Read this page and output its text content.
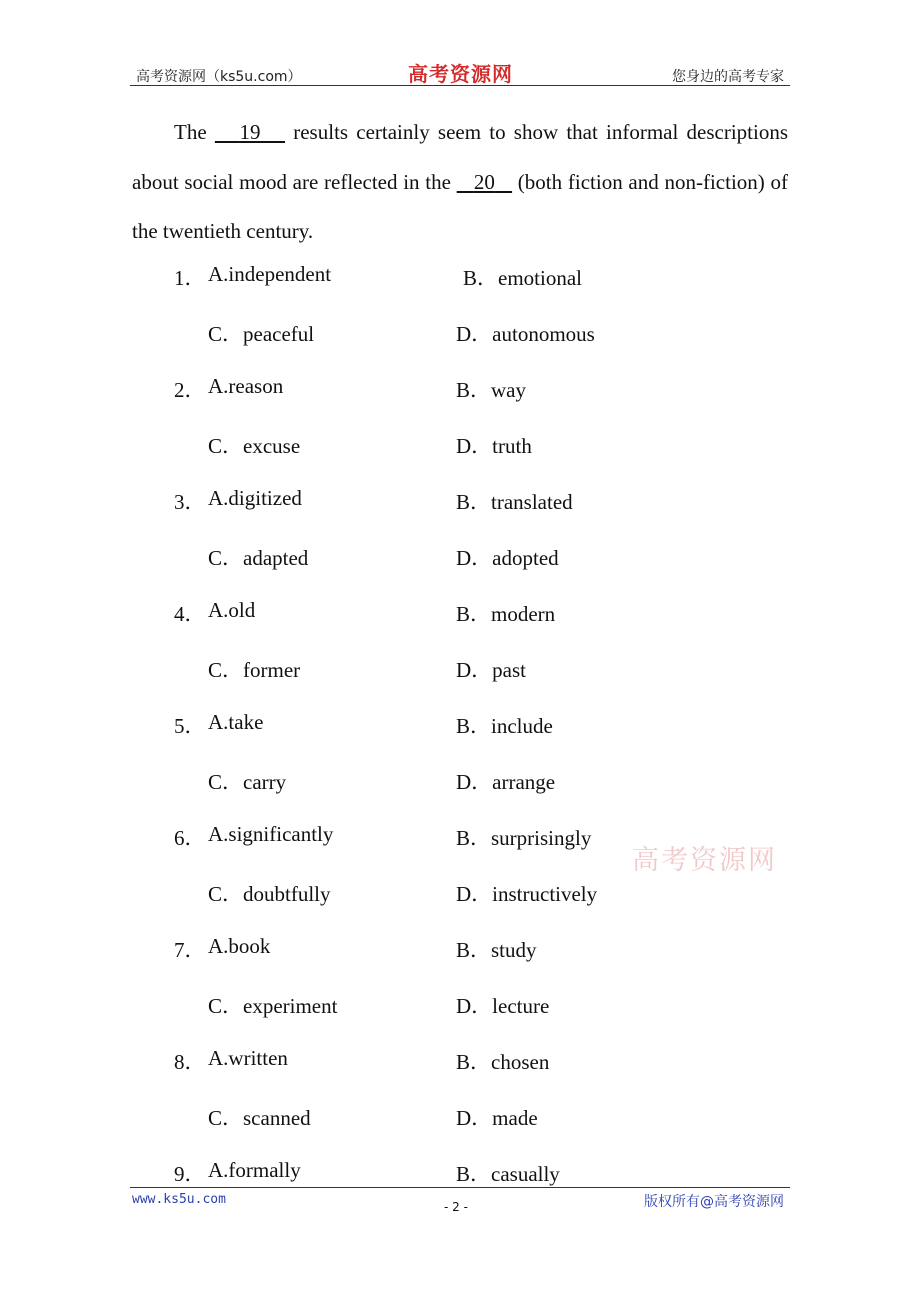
高考资源网（ks5u.com）	高考资源网	您身边的高考专家

The    19    results certainly seem to show that informal descriptions about social mood are reflected in the    20    (both fiction and non-fiction) of the twentieth century.

1． A.independent	B．emotional
C．peaceful	D．autonomous
2． A.reason	B．way
C．excuse	D．truth
3． A.digitized	B．translated
C．adapted	D．adopted
4． A.old	B．modern
C．former	D．past
5． A.take	B．include
C．carry	D．arrange
6． A.significantly	B．surprisingly
C．doubtfully	D．instructively
7． A.book	B．study
C．experiment	D．lecture
8． A.written	B．chosen
C．scanned	D．made
9． A.formally	B．casually
高考资源网
www.ks5u.com	- 2 -	版权所有@高考资源网
